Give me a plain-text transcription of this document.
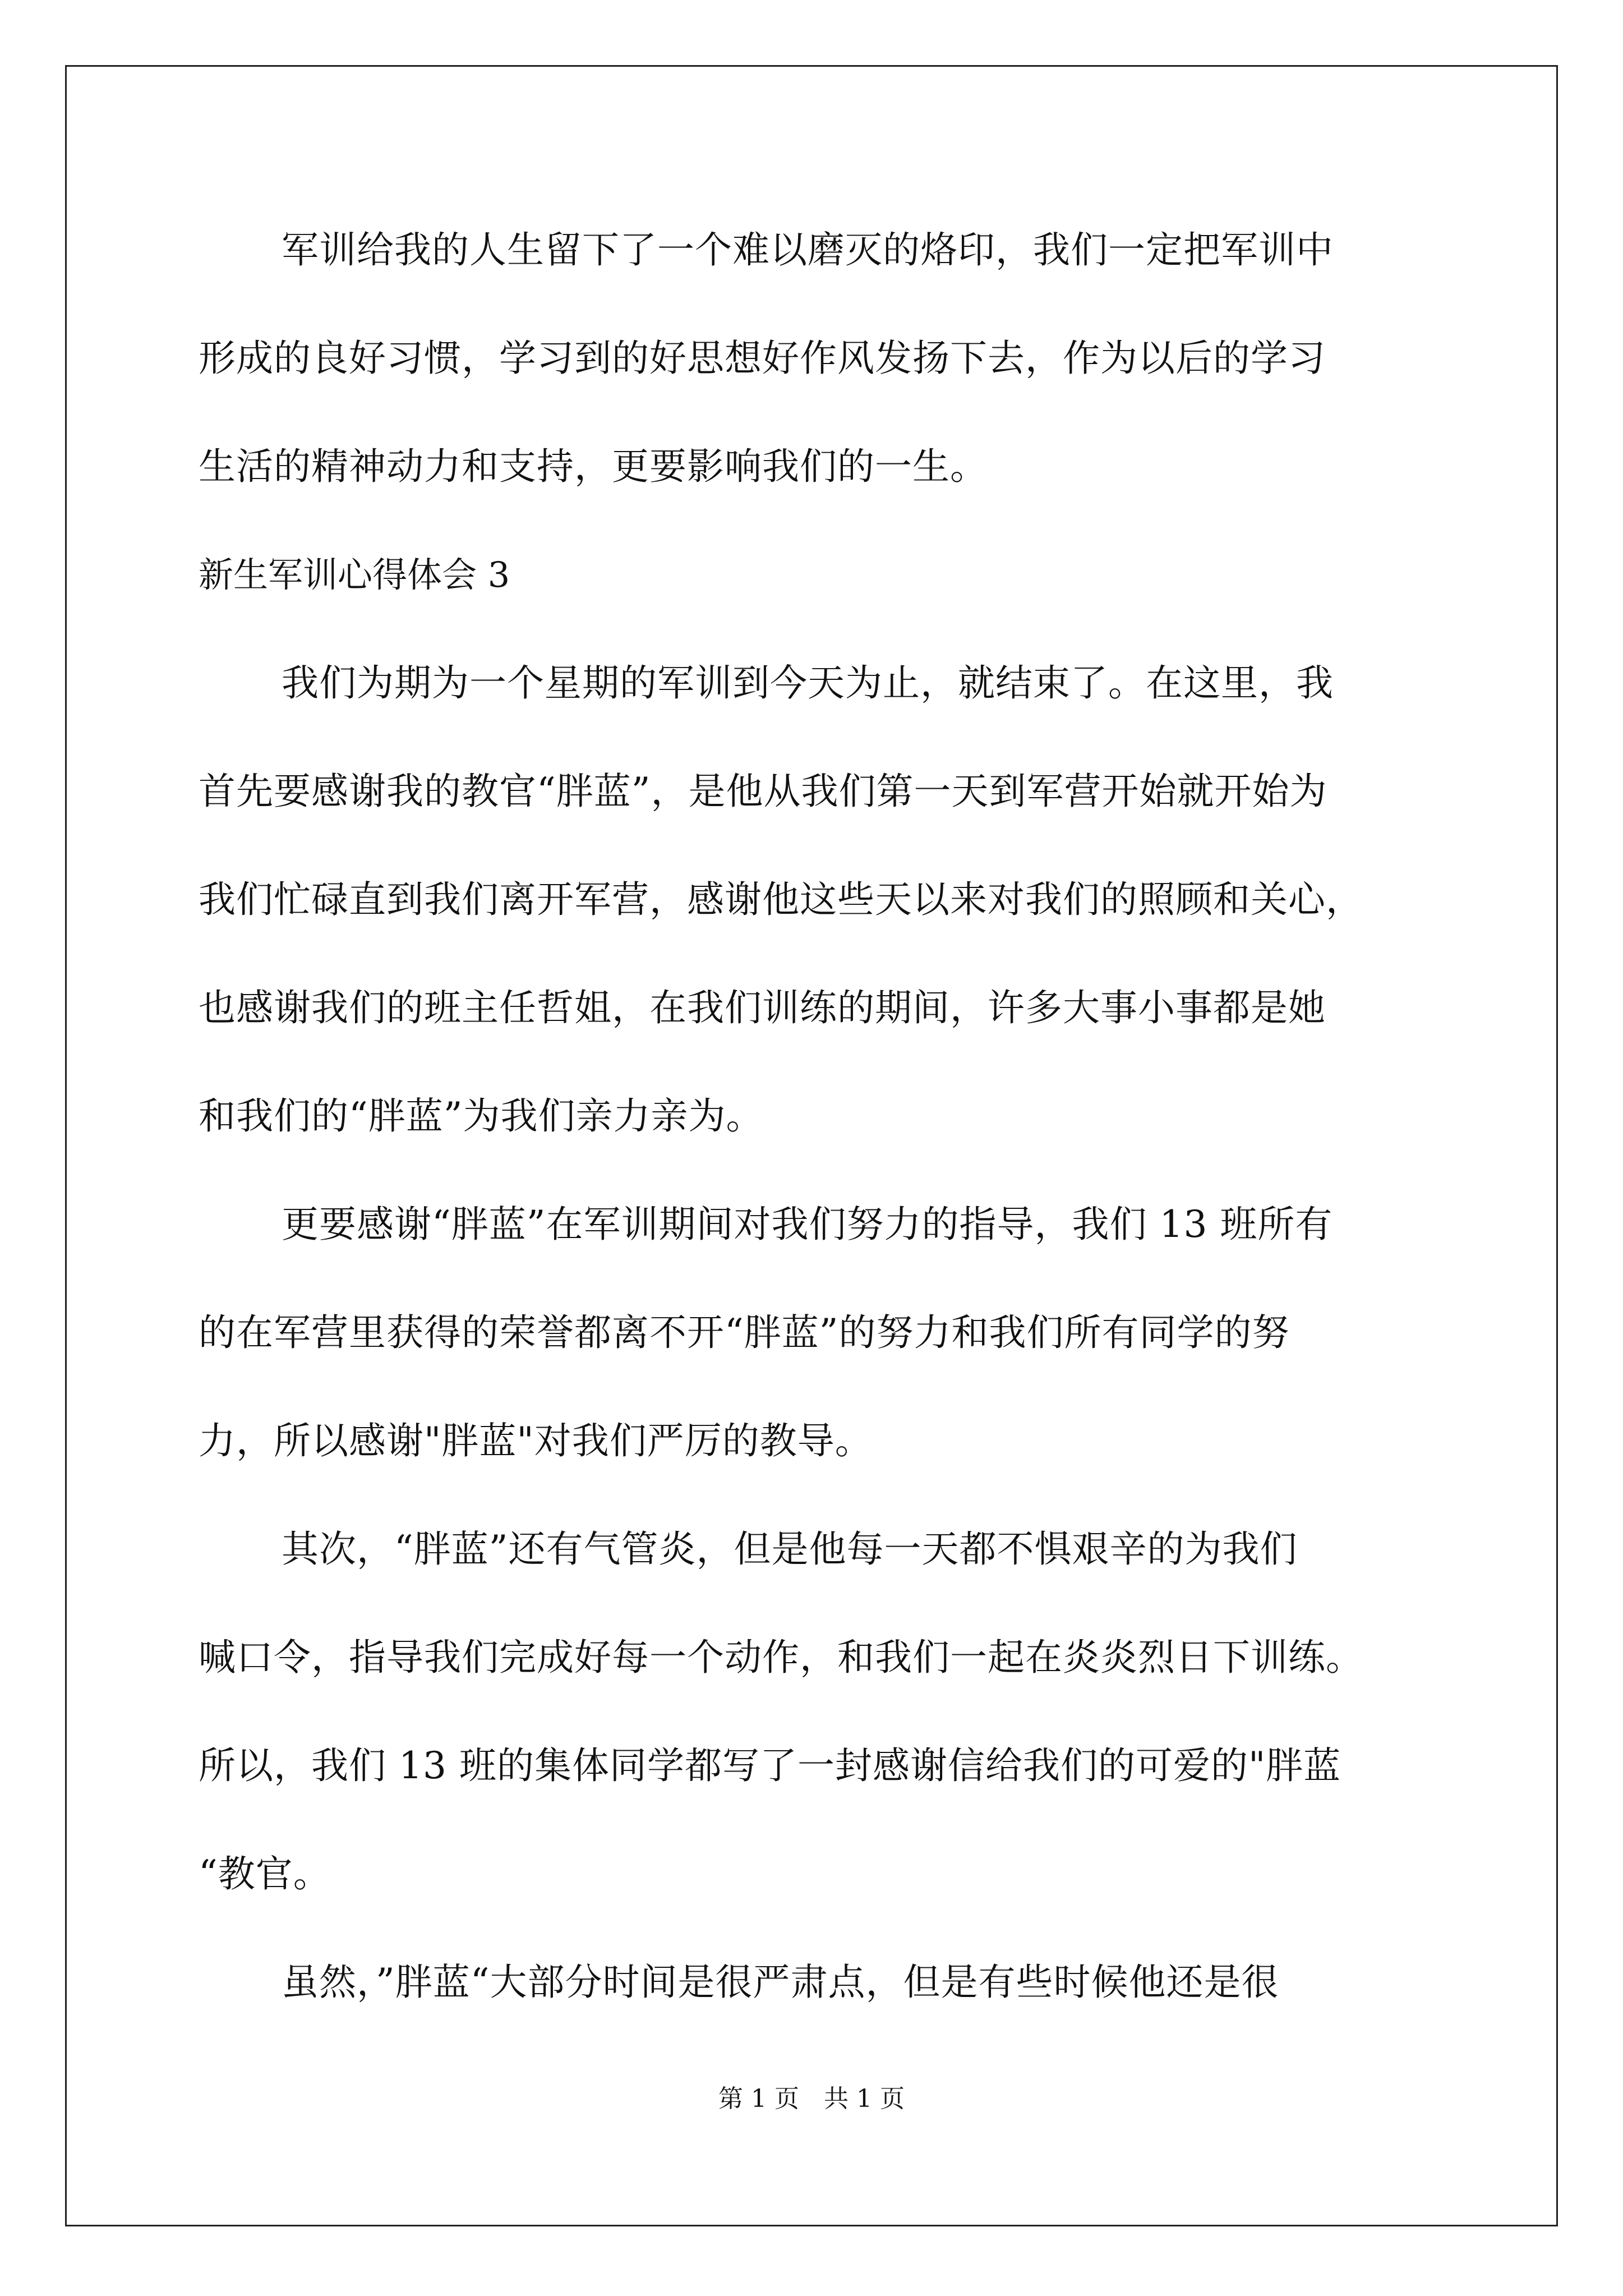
军训给我的人生留下了一个难以磨灭的烙印，我们一定把军训中
形成的良好习惯，学习到的好思想好作风发扬下去，作为以后的学习
生活的精神动力和支持，更要影响我们的一生。
新生军训心得体会 3
我们为期为一个星期的军训到今天为止，就结束了。在这里，我
首先要感谢我的教官“胖蓝”，是他从我们第一天到军营开始就开始为
我们忙碌直到我们离开军营，感谢他这些天以来对我们的照顾和关心，
也感谢我们的班主任哲姐，在我们训练的期间，许多大事小事都是她
和我们的“胖蓝”为我们亲力亲为。
更要感谢“胖蓝”在军训期间对我们努力的指导，我们 13 班所有
的在军营里获得的荣誉都离不开“胖蓝”的努力和我们所有同学的努
力，所以感谢"胖蓝"对我们严厉的教导。
其次，“胖蓝”还有气管炎，但是他每一天都不惧艰辛的为我们
喊口令，指导我们完成好每一个动作，和我们一起在炎炎烈日下训练。
所以，我们 13 班的集体同学都写了一封感谢信给我们的可爱的"胖蓝
“教官。
虽然，”胖蓝“大部分时间是很严肃点，但是有些时候他还是很
第 1 页 共 1 页
